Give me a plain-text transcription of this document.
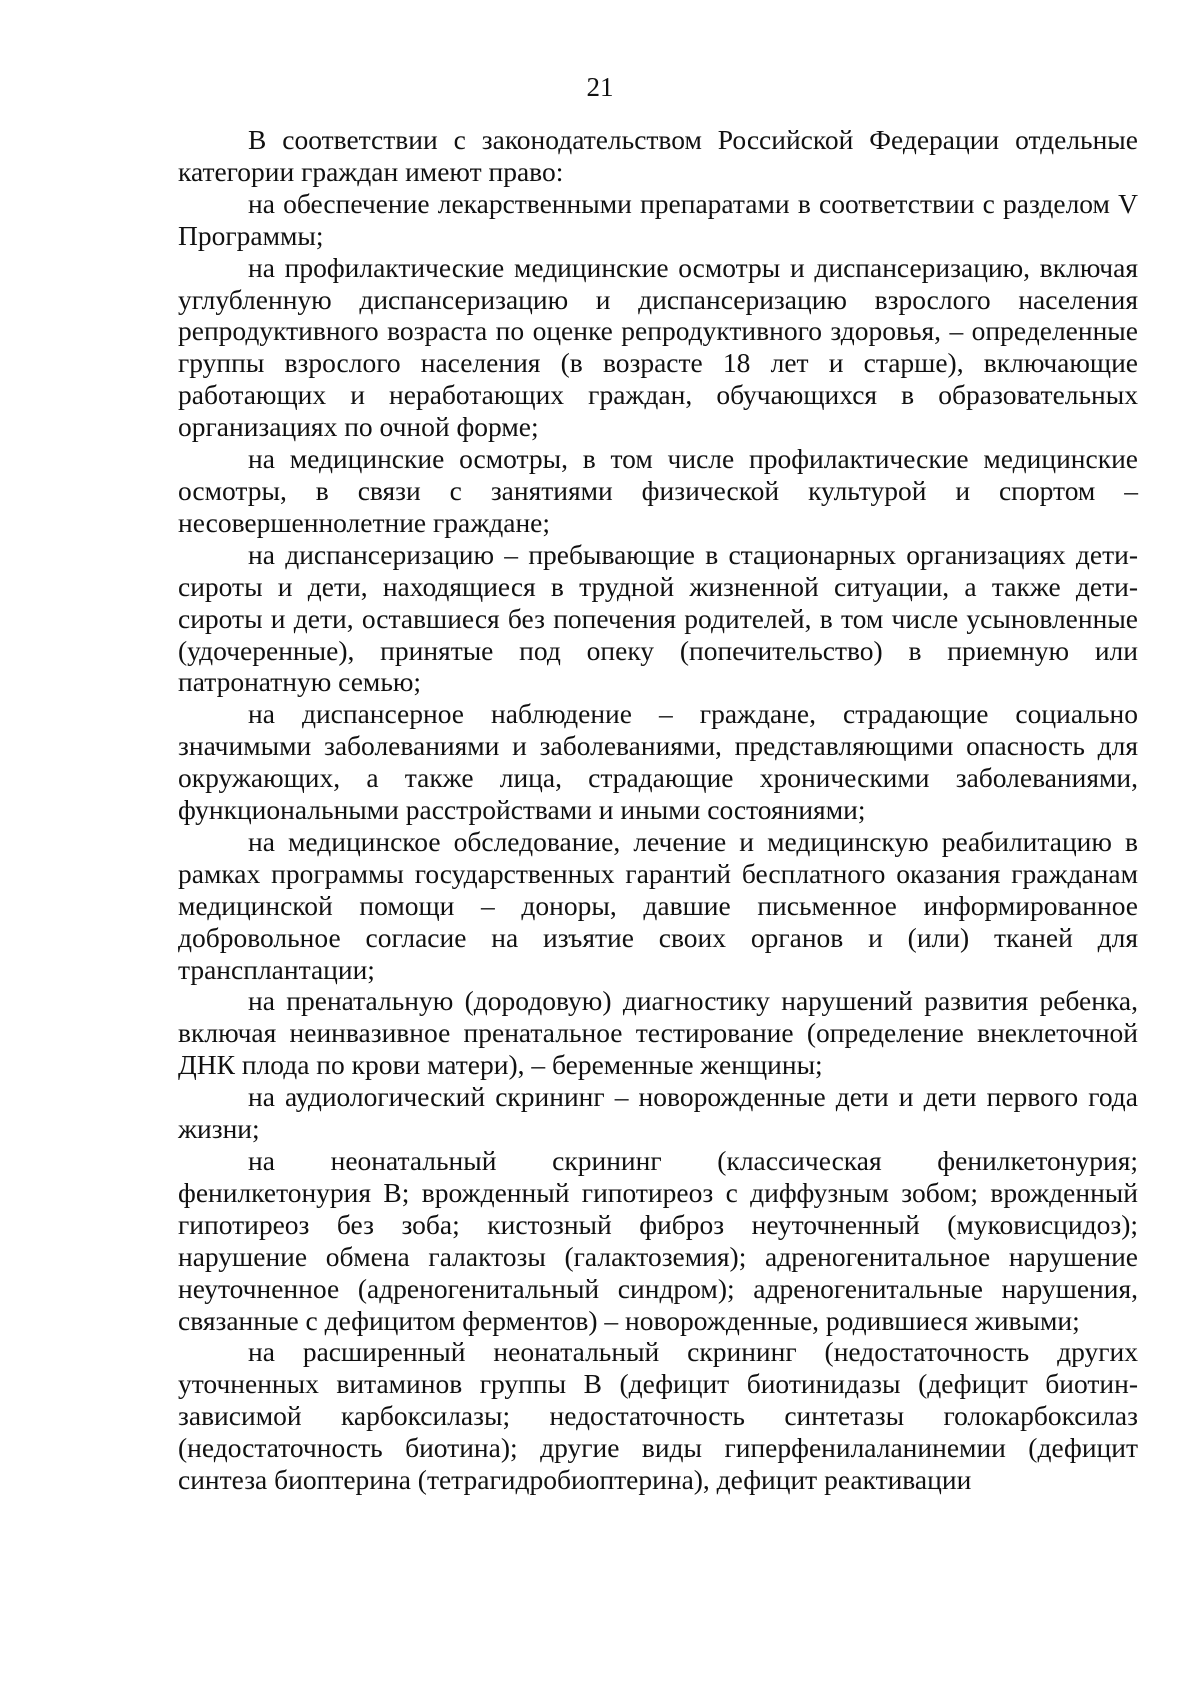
21

В соответствии с законодательством Российской Федерации отдельные категории граждан имеют право:

на обеспечение лекарственными препаратами в соответствии с разделом V Программы;

на профилактические медицинские осмотры и диспансеризацию, включая углубленную диспансеризацию и диспансеризацию взрослого населения репродуктивного возраста по оценке репродуктивного здоровья, – определенные группы взрослого населения (в возрасте 18 лет и старше), включающие работающих и неработающих граждан, обучающихся в образовательных организациях по очной форме;

на медицинские осмотры, в том числе профилактические медицинские осмотры, в связи с занятиями физической культурой и спортом – несовершеннолетние граждане;

на диспансеризацию – пребывающие в стационарных организациях дети-сироты и дети, находящиеся в трудной жизненной ситуации, а также дети-сироты и дети, оставшиеся без попечения родителей, в том числе усыновленные (удочеренные), принятые под опеку (попечительство) в приемную или патронатную семью;

на диспансерное наблюдение – граждане, страдающие социально значимыми заболеваниями и заболеваниями, представляющими опасность для окружающих, а также лица, страдающие хроническими заболеваниями, функциональными расстройствами и иными состояниями;

на медицинское обследование, лечение и медицинскую реабилитацию в рамках программы государственных гарантий бесплатного оказания гражданам медицинской помощи – доноры, давшие письменное информированное добровольное согласие на изъятие своих органов и (или) тканей для трансплантации;

на пренатальную (дородовую) диагностику нарушений развития ребенка, включая неинвазивное пренатальное тестирование (определение внеклеточной ДНК плода по крови матери), – беременные женщины;

на аудиологический скрининг – новорожденные дети и дети первого года жизни;

на неонатальный скрининг (классическая фенилкетонурия; фенилкетонурия В; врожденный гипотиреоз с диффузным зобом; врожденный гипотиреоз без зоба; кистозный фиброз неуточненный (муковисцидоз); нарушение обмена галактозы (галактоземия); адреногенитальное нарушение неуточненное (адреногенитальный синдром); адреногенитальные нарушения, связанные с дефицитом ферментов) – новорожденные, родившиеся живыми;

на расширенный неонатальный скрининг (недостаточность других уточненных витаминов группы В (дефицит биотинидазы (дефицит биотин-зависимой карбоксилазы; недостаточность синтетазы голокарбоксилаз (недостаточность биотина); другие виды гиперфенилаланинемии (дефицит синтеза биоптерина (тетрагидробиоптерина), дефицит реактивации
